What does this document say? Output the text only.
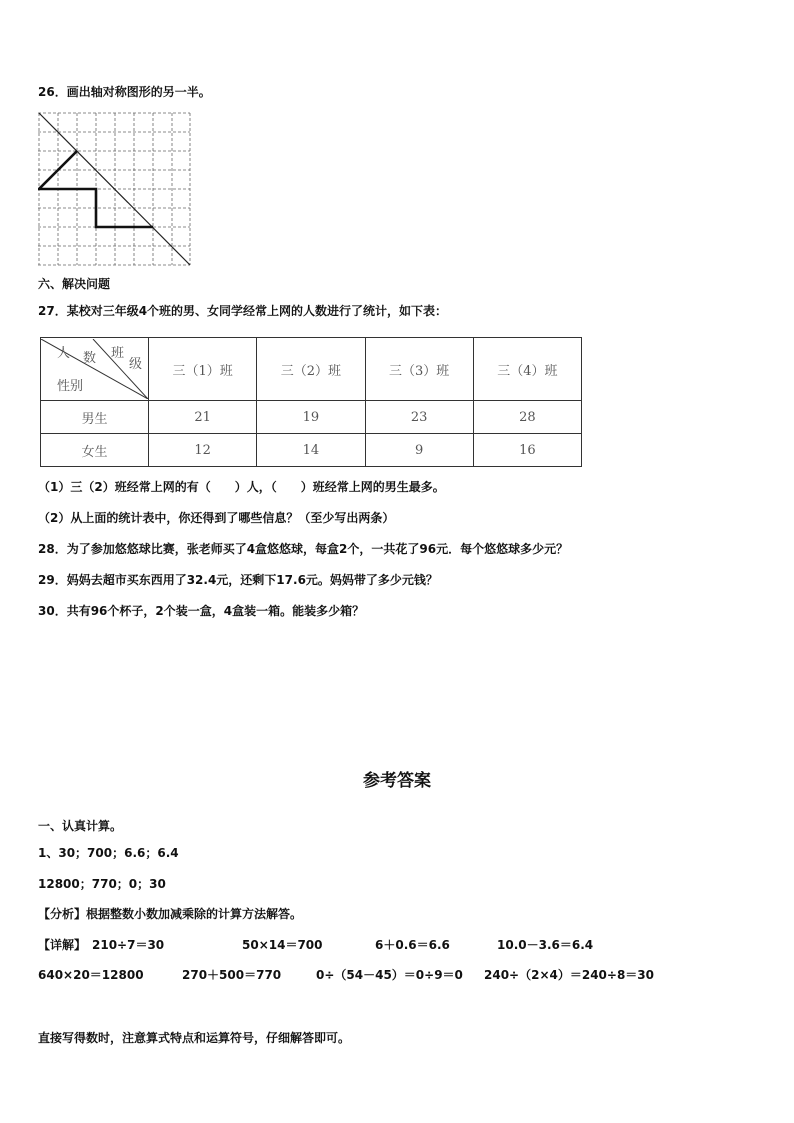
26．画出轴对称图形的另一半。
六、解决问题
27．某校对三年级4个班的男、女同学经常上网的人数进行了统计，如下表：
人 数 班
级
性别	三（1）班	三（2）班	三（3）班	三（4）班
男生	21	19	23	28
女生	12	14	9	16
（1）三（2）班经常上网的有（　　）人，（　　）班经常上网的男生最多。
（2）从上面的统计表中，你还得到了哪些信息？（至少写出两条）
28．为了参加悠悠球比赛，张老师买了4盒悠悠球，每盒2个，一共花了96元．每个悠悠球多少元？
29．妈妈去超市买东西用了32.4元，还剩下17.6元。妈妈带了多少元钱？
30．共有96个杯子，2个装一盒，4盒装一箱。能装多少箱？
参考答案
一、认真计算。
1、30；700；6.6；6.4
12800；770；0；30
【分析】根据整数小数加减乘除的计算方法解答。
【详解】 210÷7＝30	50×14＝700	6＋0.6＝6.6	10.0－3.6＝6.4
640×20＝12800	270＋500＝770	0÷（54－45）＝0÷9＝0 240÷（2×4）＝240÷8＝30
直接写得数时，注意算式特点和运算符号，仔细解答即可。
